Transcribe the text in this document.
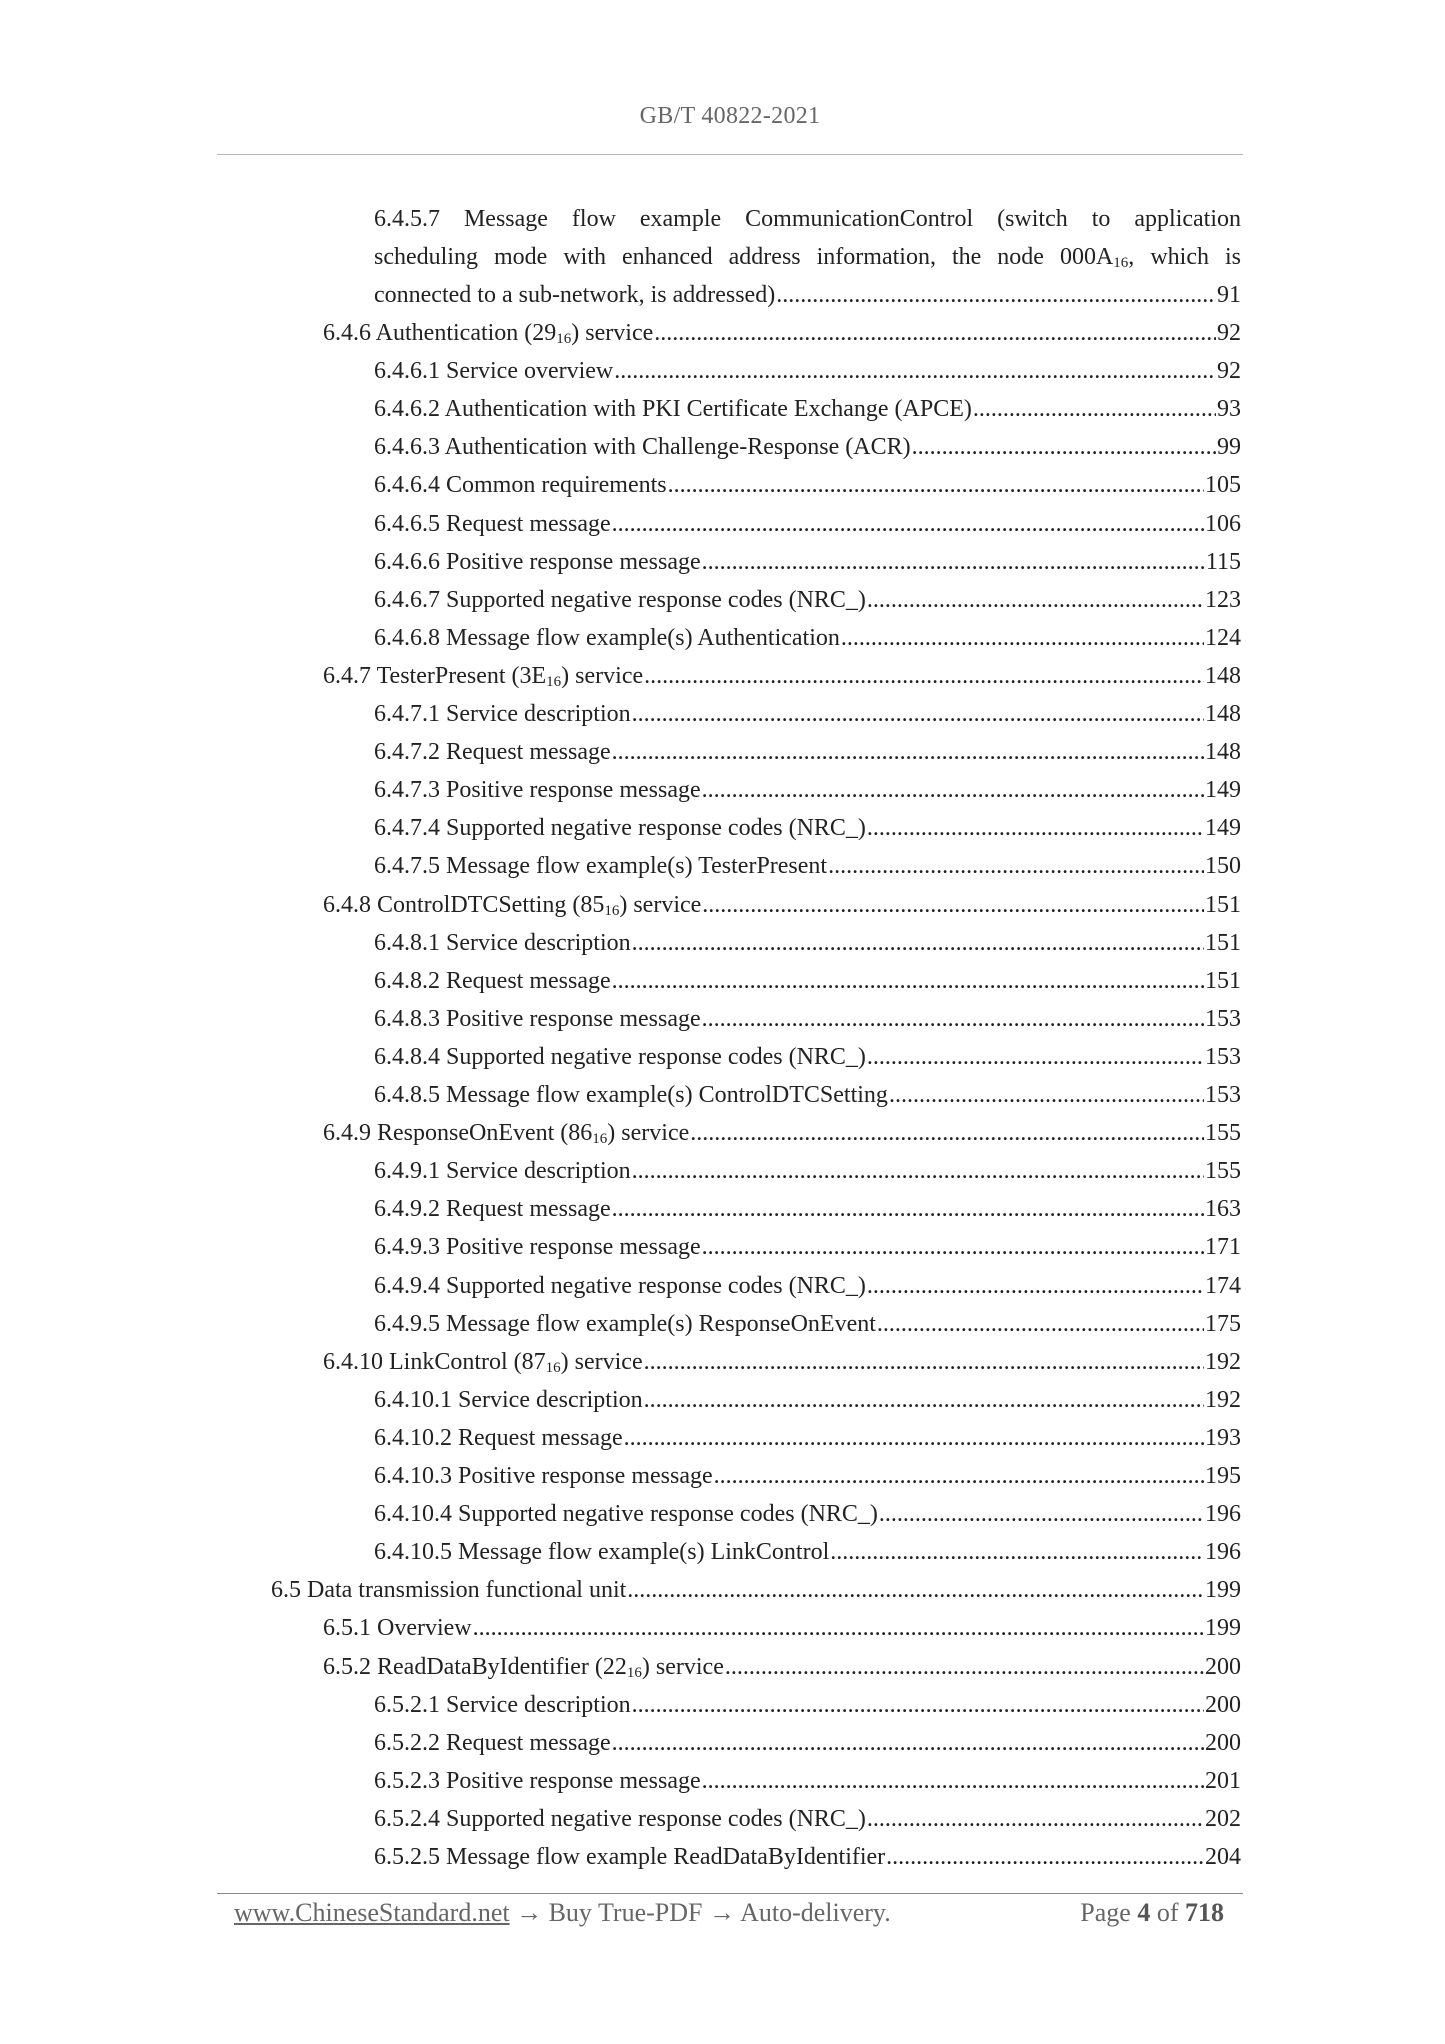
GB/T 40822-2021
6.4.5.7 Message flow example CommunicationControl (switch to application
scheduling mode with enhanced address information, the node $000A_{16}$, which is
connected to a sub-network, is addressed) .....	91
6.4.6 Authentication $(29_{16})$ service .....	92
6.4.6.1 Service overview .....	92
6.4.6.2 Authentication with PKI Certificate Exchange (APCE) .....	93
6.4.6.3 Authentication with Challenge-Response (ACR) .....	99
6.4.6.4 Common requirements .....	105
6.4.6.5 Request message .....	106
6.4.6.6 Positive response message .....	115
6.4.6.7 Supported negative response codes (NRC_) .....	123
6.4.6.8 Message flow example(s) Authentication .....	124
6.4.7 TesterPresent $(3E_{16})$ service .....	148
6.4.7.1 Service description .....	148
6.4.7.2 Request message .....	148
6.4.7.3 Positive response message .....	149
6.4.7.4 Supported negative response codes (NRC_) .....	149
6.4.7.5 Message flow example(s) TesterPresent .....	150
6.4.8 ControlDTCSetting $(85_{16})$ service .....	151
6.4.8.1 Service description .....	151
6.4.8.2 Request message .....	151
6.4.8.3 Positive response message .....	153
6.4.8.4 Supported negative response codes (NRC_) .....	153
6.4.8.5 Message flow example(s) ControlDTCSetting .....	153
6.4.9 ResponseOnEvent $(86_{16})$ service .....	155
6.4.9.1 Service description .....	155
6.4.9.2 Request message .....	163
6.4.9.3 Positive response message .....	171
6.4.9.4 Supported negative response codes (NRC_) .....	174
6.4.9.5 Message flow example(s) ResponseOnEvent .....	175
6.4.10 LinkControl $(87_{16})$ service .....	192
6.4.10.1 Service description .....	192
6.4.10.2 Request message .....	193
6.4.10.3 Positive response message .....	195
6.4.10.4 Supported negative response codes (NRC_) .....	196
6.4.10.5 Message flow example(s) LinkControl .....	196
6.5 Data transmission functional unit .....	199
6.5.1 Overview .....	199
6.5.2 ReadDataByIdentifier $(22_{16})$ service .....	200
6.5.2.1 Service description .....	200
6.5.2.2 Request message .....	200
6.5.2.3 Positive response message .....	201
6.5.2.4 Supported negative response codes (NRC_) .....	202
6.5.2.5 Message flow example ReadDataByIdentifier .....	204
www.ChineseStandard.net → Buy True-PDF → Auto-delivery.	Page 4 of 718
